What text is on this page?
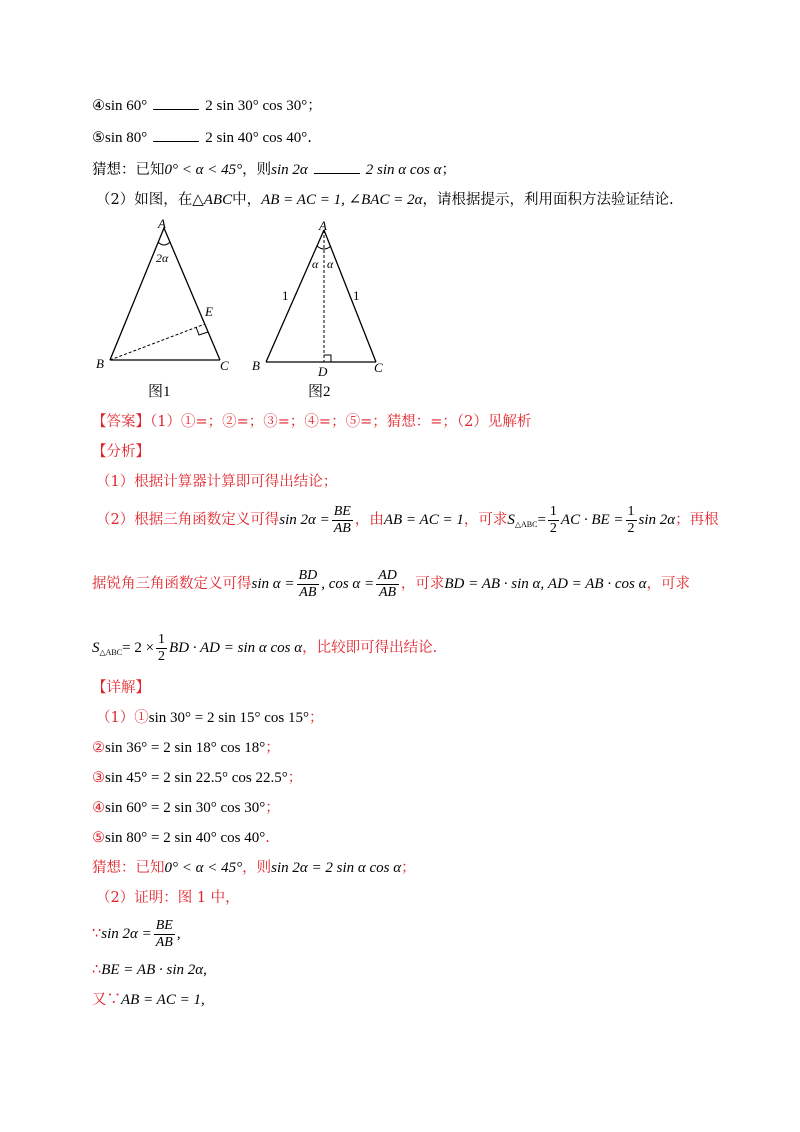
④sin 60°	2 sin 30° cos 30°；
⑤sin 80°	2 sin 40° cos 40°.
猜想：已知0° < α < 45°，则sin 2α	2 sin α cos α；
（2）如图，在△ABC中，AB = AC = 1, ∠BAC = 2α，请根据提示，利用面积方法验证结论.
A
2α
E
B	C
图1
A
α α
1	1
B	D	C
图2
【答案】（1）①=；②=；③=；④=；⑤=；猜想：=；（2）见解析
【分析】
（1）根据计算器计算即可得出结论；
（2）根据三角函数定义可得$\sin 2\alpha = \frac{BE}{AB}$ ，由AB = AC = 1，可求$S_{\triangle ABC}= \frac{1}{2}$ AC · BE = $\frac{1}{2}$ sin 2α；再根
据锐角三角函数定义可得$\sin \alpha = \frac{BD}{AB}$ , $\cos \alpha = \frac{AD}{AB}$ ，可求BD = AB · sin α, AD = AB · cos α，可求
$S_{\triangle ABC}= 2 \times \frac{1}{2}$ BD · AD = sin α cos α，比较即可得出结论.
【详解】
（1）①sin 30° = 2 sin 15° cos 15°；
②sin 36° = 2 sin 18° cos 18°；
③sin 45° = 2 sin 22.5° cos 22.5°；
④sin 60° = 2 sin 30° cos 30°；
⑤sin 80° = 2 sin 40° cos 40°.
猜想：已知0° < α < 45°，则sin 2α = 2 sin α cos α；
（2）证明：图 1 中，
∵sin $2\alpha = \frac{BE}{AB}$ ,
∴BE = AB · sin 2α,
又∵AB = AC = 1,
